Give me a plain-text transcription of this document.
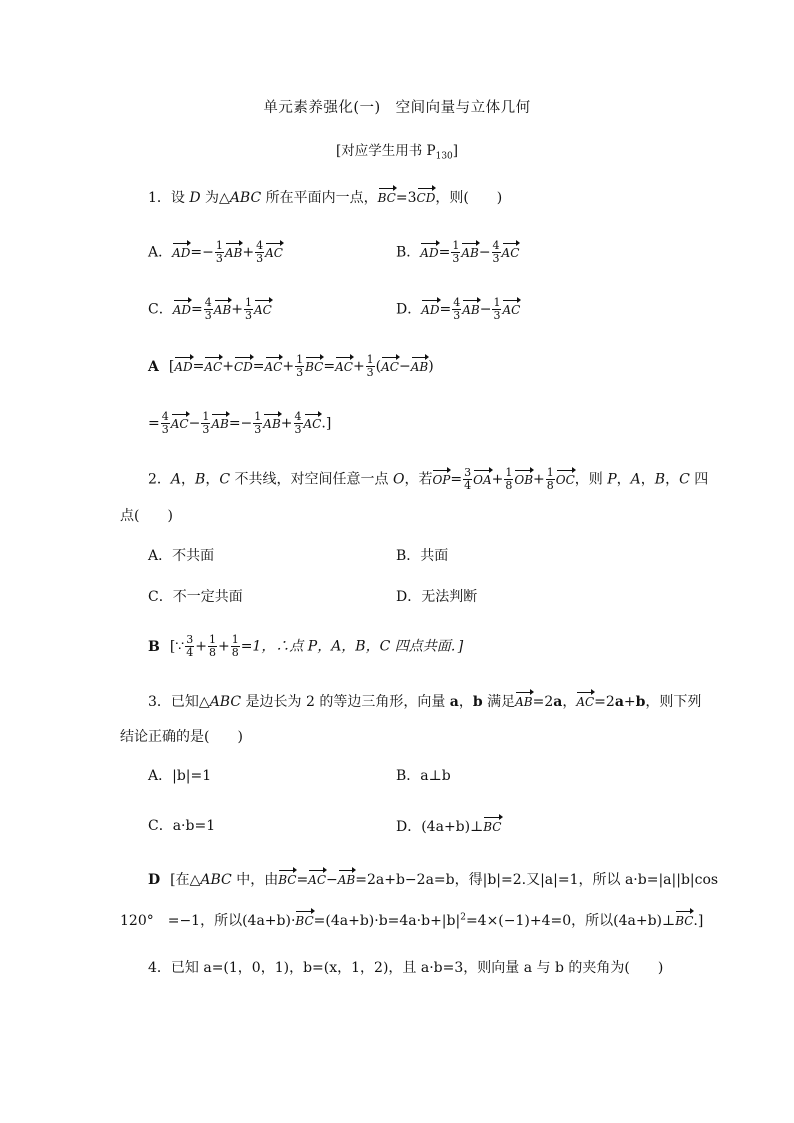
单元素养强化(一)　空间向量与立体几何
[对应学生用书 $P_{130}$]
1．设 D 为△ABC 所在平面内一点，BC=3CD，则(　　)
A．$AD=- \frac{1}{3} AB+ \frac{4}{3}$ AC	B．$AD= \frac{1}{3} AB- \frac{4}{3}$ AC
C．$AD= \frac{4}{3} AB+ \frac{1}{3}$ AC	D．$AD= \frac{4}{3} AB- \frac{1}{3}$ AC
A [$AD=AC+CD=AC+ \frac{1}{3} BC=AC+ \frac{1}{3} (AC-AB)$
= $\frac{4}{3} AC- \frac{1}{3} AB=- \frac{1}{3} AB+ \frac{4}{3} AC$.]
2．A，B，C 不共线，对空间任意一点 O，若$OP= \frac{3}{4} OA+ \frac{1}{8} OB+ \frac{1}{8}$ OC，则 P，A，B，C 四
点(　　)
A．不共面	B．共面
C．不一定共面	D．无法判断
B [∵ $\frac{3}{4} + \frac{1}{8} + \frac{1}{8} =1$，∴点 P，A，B，C 四点共面．]
3．已知△ABC 是边长为 2 的等边三角形，向量 a，b 满足AB=2a，AC=2a+b，则下列
结论正确的是(　　)
A．|b|=1	B．a⊥b
C．a·b=1	D．(4a+b)⊥BC
D [在△ABC 中，由BC=AC−AB=2a+b−2a=b，得|b|=2.又|a|=1，所以 a·b=|a||b|cos
120°　=−1，所以$(4a+b)\cdot BC=(4a+b)\cdot b=4a\cdot b+|b|^2=4\times(-1)+4=0$，所以(4a+b)⊥BC.]
4．已知 a=(1，0，1)，b=(x，1，2)，且 a·b=3，则向量 a 与 b 的夹角为(　　)
